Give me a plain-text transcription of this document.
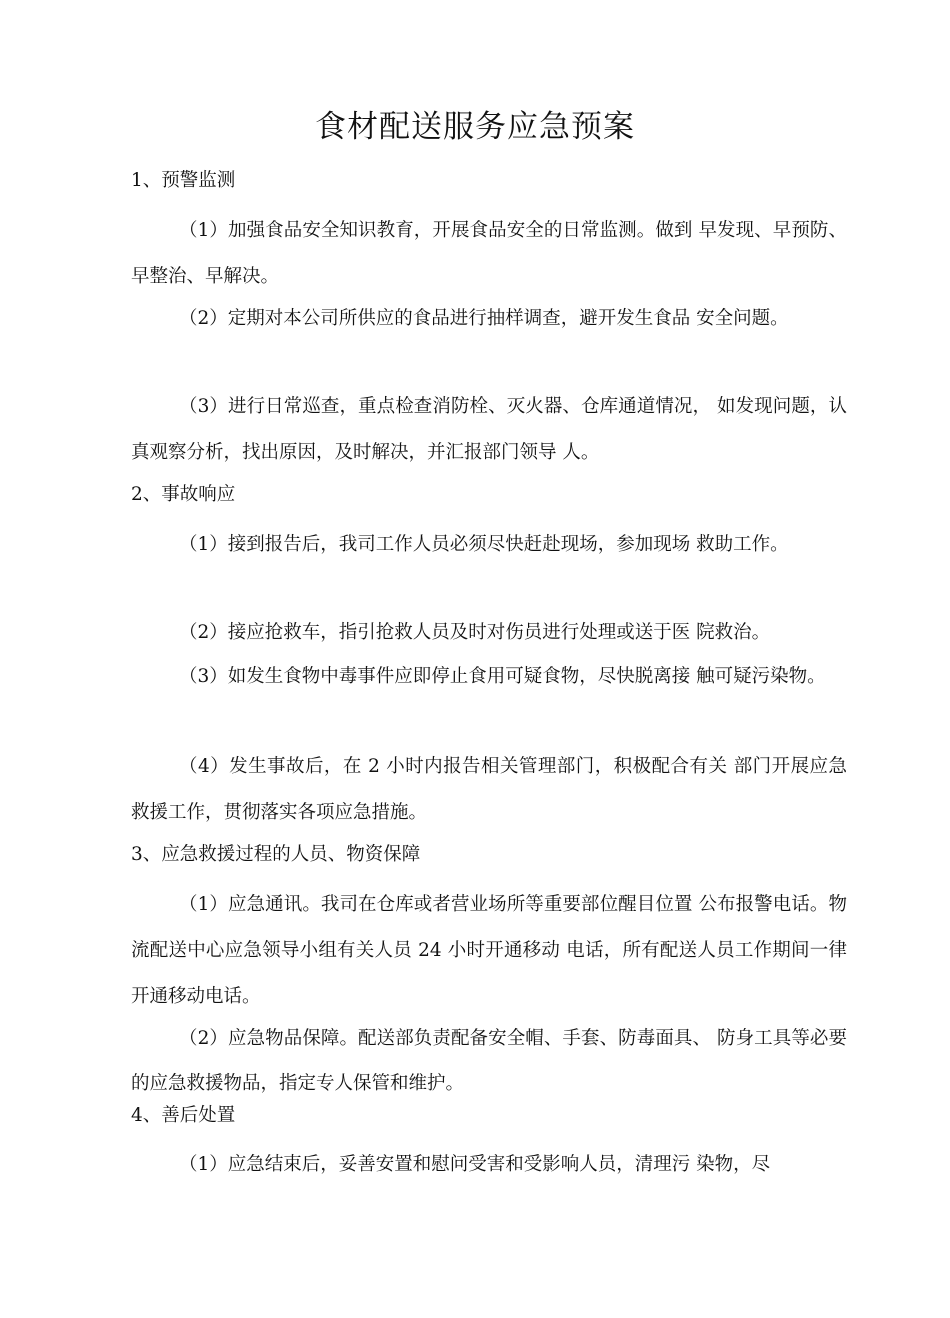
食材配送服务应急预案

1、预警监测

（1）加强食品安全知识教育，开展食品安全的日常监测。做到 早发现、早预防、早整治、早解决。

（2）定期对本公司所供应的食品进行抽样调查，避开发生食品 安全问题。

（3）进行日常巡查，重点检查消防栓、灭火器、仓库通道情况， 如发现问题，认真观察分析，找出原因，及时解决，并汇报部门领导 人。

2、事故响应

（1）接到报告后，我司工作人员必须尽快赶赴现场，参加现场 救助工作。

（2）接应抢救车，指引抢救人员及时对伤员进行处理或送于医 院救治。

（3）如发生食物中毒事件应即停止食用可疑食物，尽快脱离接 触可疑污染物。

（4）发生事故后，在 2 小时内报告相关管理部门，积极配合有关 部门开展应急救援工作，贯彻落实各项应急措施。

3、应急救援过程的人员、物资保障

（1）应急通讯。我司在仓库或者营业场所等重要部位醒目位置 公布报警电话。物流配送中心应急领导小组有关人员 24 小时开通移动 电话，所有配送人员工作期间一律开通移动电话。

（2）应急物品保障。配送部负责配备安全帽、手套、防毒面具、 防身工具等必要的应急救援物品，指定专人保管和维护。

4、善后处置

（1）应急结束后，妥善安置和慰问受害和受影响人员，清理污 染物，尽
